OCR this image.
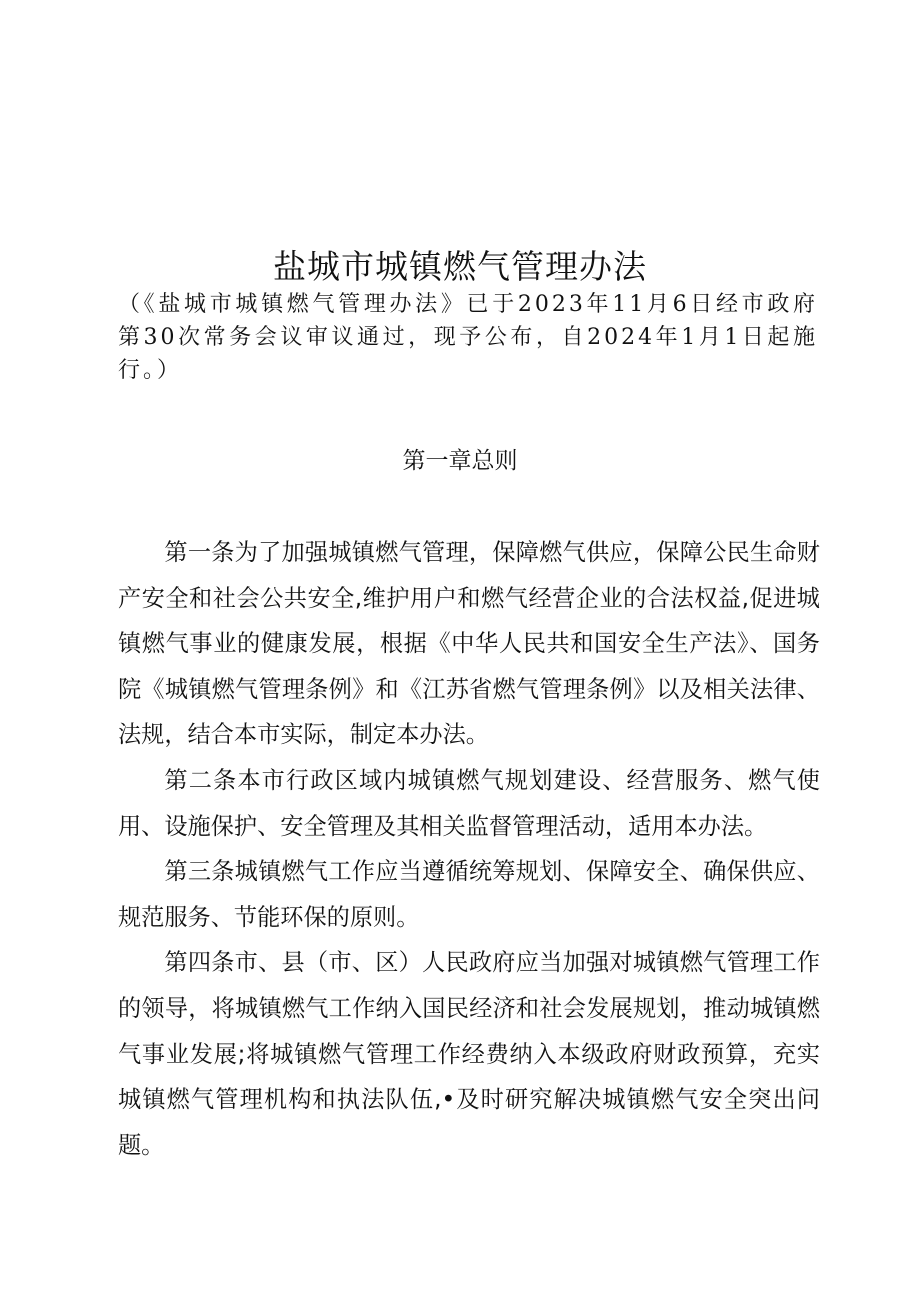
盐城市城镇燃气管理办法

（《盐城市城镇燃气管理办法》已于2023年11月6日经市政府第30次常务会议审议通过，现予公布，自2024年1月1日起施行。）

第一章总则

第一条为了加强城镇燃气管理，保障燃气供应，保障公民生命财产安全和社会公共安全,维护用户和燃气经营企业的合法权益,促进城镇燃气事业的健康发展，根据《中华人民共和国安全生产法》、国务院《城镇燃气管理条例》和《江苏省燃气管理条例》以及相关法律、法规，结合本市实际，制定本办法。

第二条本市行政区域内城镇燃气规划建设、经营服务、燃气使用、设施保护、安全管理及其相关监督管理活动，适用本办法。

第三条城镇燃气工作应当遵循统筹规划、保障安全、确保供应、规范服务、节能环保的原则。

第四条市、县（市、区）人民政府应当加强对城镇燃气管理工作的领导，将城镇燃气工作纳入国民经济和社会发展规划，推动城镇燃气事业发展;将城镇燃气管理工作经费纳入本级政府财政预算，充实城镇燃气管理机构和执法队伍,•及时研究解决城镇燃气安全突出问题。
